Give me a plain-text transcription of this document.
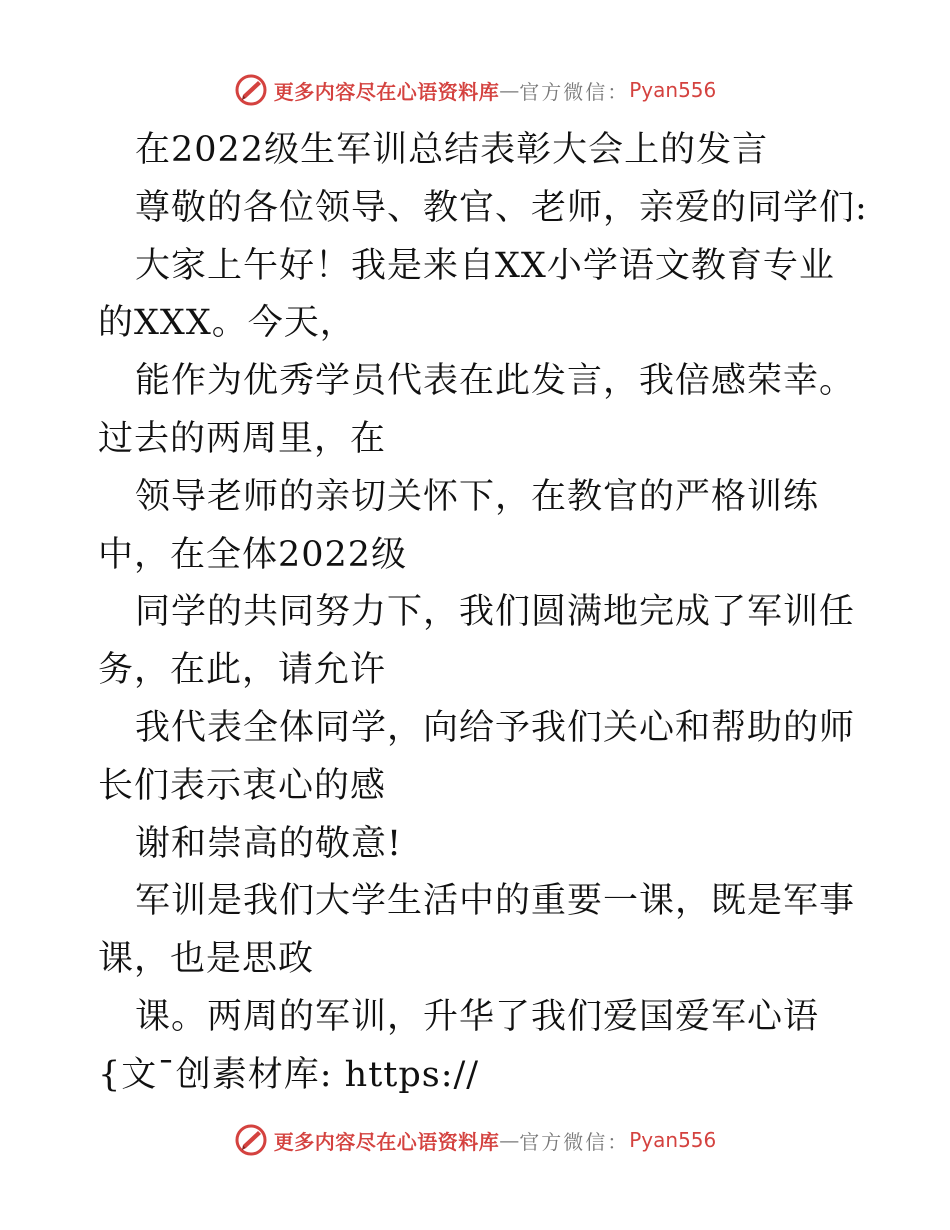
更多内容尽在心语资料库 — 官方微信： Pyan556

在2022级生军训总结表彰大会上的发言

尊敬的各位领导、教官、老师，亲爱的同学们:

大家上午好！我是来自XX小学语文教育专业的XXX。今天，

能作为优秀学员代表在此发言，我倍感荣幸。过去的两周里，在

领导老师的亲切关怀下，在教官的严格训练中，在全体2022级

同学的共同努力下，我们圆满地完成了军训任务，在此，请允许

我代表全体同学，向给予我们关心和帮助的师长们表示衷心的感

谢和崇高的敬意!

军训是我们大学生活中的重要一课，既是军事课，也是思政

课。两周的军训，升华了我们爱国爱军心语{文¯创素材库: https://

更多内容尽在心语资料库 — 官方微信： Pyan556
